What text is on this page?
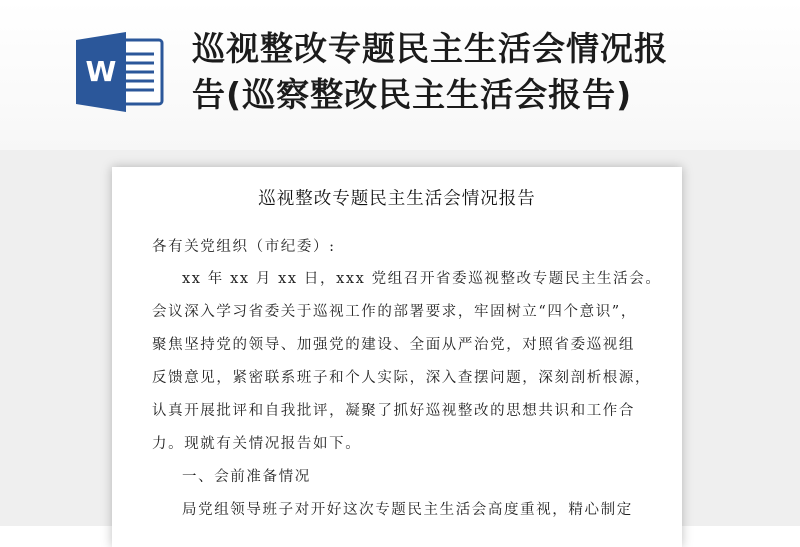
W
巡视整改专题民主生活会情况报
告(巡察整改民主生活会报告)
巡视整改专题民主生活会情况报告
各有关党组织（市纪委）:
xx 年 xx 月 xx 日，xxx 党组召开省委巡视整改专题民主生活会。
会议深入学习省委关于巡视工作的部署要求，牢固树立“四个意识”，
聚焦坚持党的领导、加强党的建设、全面从严治党，对照省委巡视组
反馈意见，紧密联系班子和个人实际，深入查摆问题，深刻剖析根源，
认真开展批评和自我批评，凝聚了抓好巡视整改的思想共识和工作合
力。现就有关情况报告如下。
一、会前准备情况
局党组领导班子对开好这次专题民主生活会高度重视，精心制定
